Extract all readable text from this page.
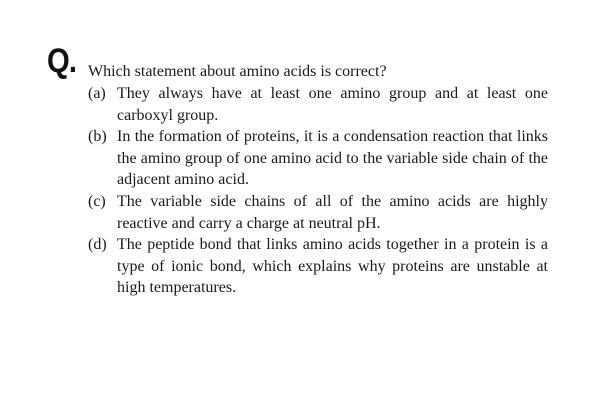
Q. Which statement about amino acids is correct?
(a) They always have at least one amino group and at least one carboxyl group.
(b) In the formation of proteins, it is a condensation reaction that links the amino group of one amino acid to the variable side chain of the adjacent amino acid.
(c) The variable side chains of all of the amino acids are highly reactive and carry a charge at neutral pH.
(d) The peptide bond that links amino acids together in a protein is a type of ionic bond, which explains why proteins are unstable at high temperatures.
